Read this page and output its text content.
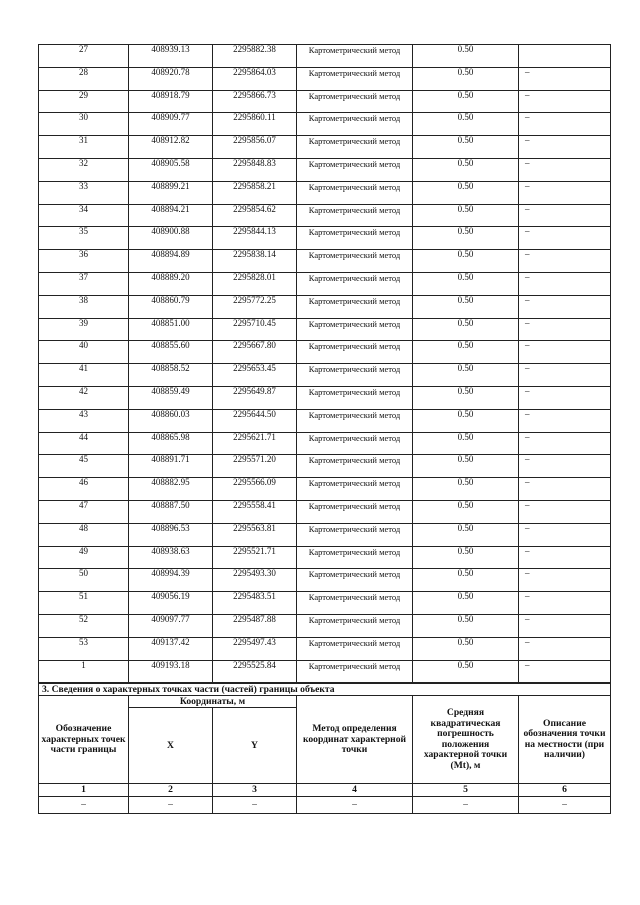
27	408939.13	2295882.38	Картометрический метод	0.50	
28	408920.78	2295864.03	Картометрический метод	0.50	–
29	408918.79	2295866.73	Картометрический метод	0.50	–
30	408909.77	2295860.11	Картометрический метод	0.50	–
31	408912.82	2295856.07	Картометрический метод	0.50	–
32	408905.58	2295848.83	Картометрический метод	0.50	–
33	408899.21	2295858.21	Картометрический метод	0.50	–
34	408894.21	2295854.62	Картометрический метод	0.50	–
35	408900.88	2295844.13	Картометрический метод	0.50	–
36	408894.89	2295838.14	Картометрический метод	0.50	–
37	408889.20	2295828.01	Картометрический метод	0.50	–
38	408860.79	2295772.25	Картометрический метод	0.50	–
39	408851.00	2295710.45	Картометрический метод	0.50	–
40	408855.60	2295667.80	Картометрический метод	0.50	–
41	408858.52	2295653.45	Картометрический метод	0.50	–
42	408859.49	2295649.87	Картометрический метод	0.50	–
43	408860.03	2295644.50	Картометрический метод	0.50	–
44	408865.98	2295621.71	Картометрический метод	0.50	–
45	408891.71	2295571.20	Картометрический метод	0.50	–
46	408882.95	2295566.09	Картометрический метод	0.50	–
47	408887.50	2295558.41	Картометрический метод	0.50	–
48	408896.53	2295563.81	Картометрический метод	0.50	–
49	408938.63	2295521.71	Картометрический метод	0.50	–
50	408994.39	2295493.30	Картометрический метод	0.50	–
51	409056.19	2295483.51	Картометрический метод	0.50	–
52	409097.77	2295487.88	Картометрический метод	0.50	–
53	409137.42	2295497.43	Картометрический метод	0.50	–
1	409193.18	2295525.84	Картометрический метод	0.50	–
3. Сведения о характерных точках части (частей) границы объекта					
Обозначение характерных точек части границы	Координаты, м		Метод определения координат характерной точки	Средняя квадратическая погрешность положения характерной точки (Mt), м	Описание обозначения точки на местности (при наличии)
	X	Y			
1	2	3	4	5	6
–	–	–	–	–	–
